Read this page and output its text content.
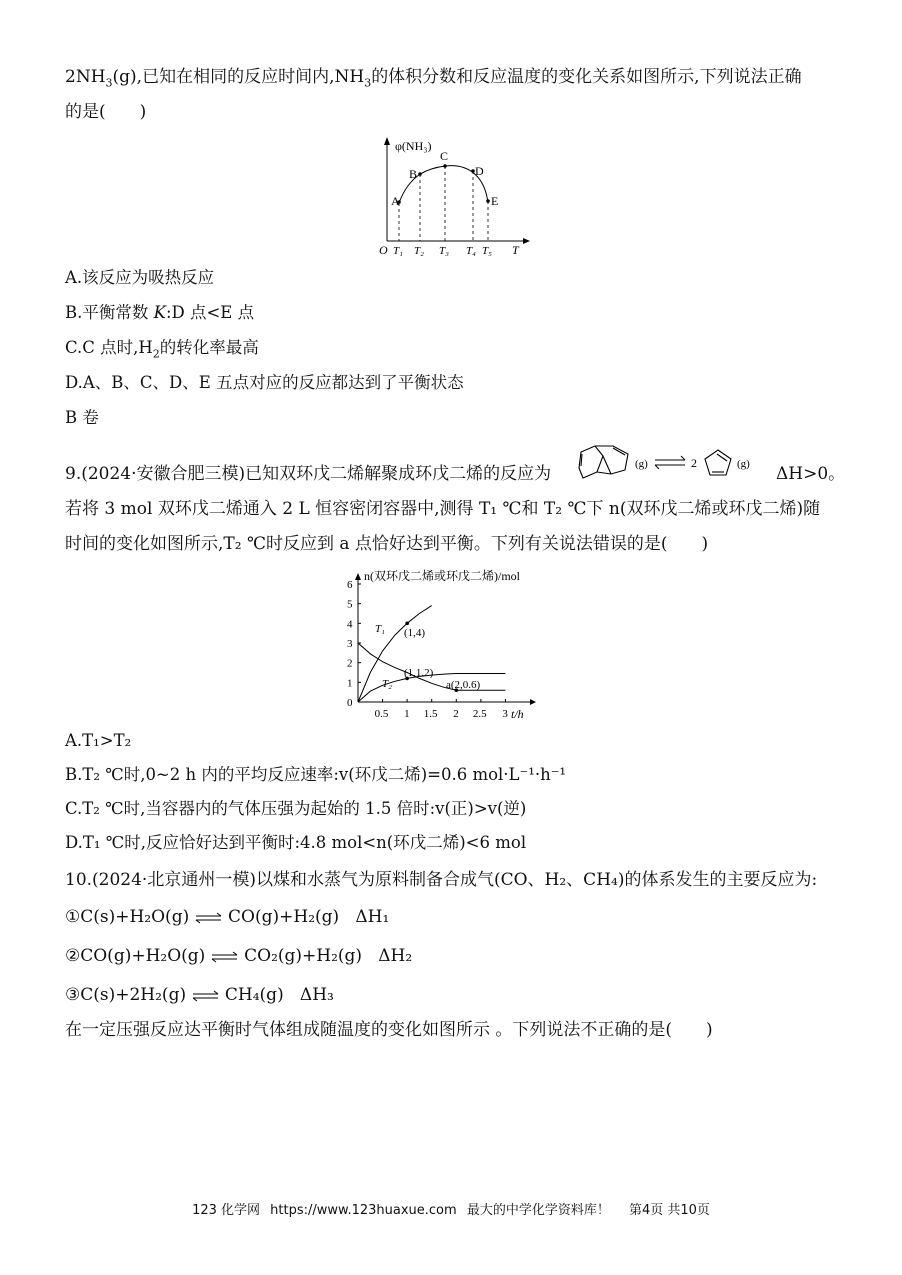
$2NH_3(g)$,已知在相同的反应时间内$,NH_3$的体积分数和反应温度的变化关系如图所示,下列说法正确
的是(　　)
φ(NH₃)
A
B
C
D
E
O T₁ T₂ T₃ T₄ T₅ T
A.该反应为吸热反应
B.平衡常数 K:D 点<E 点
C.C 点时$,H_2$的转化率最高
D.A、B、C、D、E 五点对应的反应都达到了平衡状态
B 卷
9.(2024·安徽合肥三模)已知双环戊二烯解聚成环戊二烯的反应为	(g)	2	(g) ΔH>0。
若将 3 mol 双环戊二烯通入 2 L 恒容密闭容器中,测得 T₁ ℃和 T₂ ℃下 n(双环戊二烯或环戊二烯)随
时间的变化如图所示,T₂ ℃时反应到 a 点恰好达到平衡。下列有关说法错误的是(　　)
0
1
2
3
4
5
6
0.5 1 1.5 2 2.5 3
n(双环戊二烯或环戊二烯)/mol
t/h
T₁ (1,4)
(1,1.2)
T₂	a(2,0.6)
A.T₁>T₂
B.T₂ ℃时,0~2 h 内的平均反应速率:v(环戊二烯)=0.6 mol·L⁻¹·h⁻¹
C.T₂ ℃时,当容器内的气体压强为起始的 1.5 倍时:v(正)>v(逆)
D.T₁ ℃时,反应恰好达到平衡时:4.8 mol<n(环戊二烯)<6 mol
10.(2024·北京通州一模)以煤和水蒸气为原料制备合成气(CO、H₂、CH₄)的体系发生的主要反应为:
①C(s)+H₂O(g) ⇌ CO(g)+H₂(g) ΔH₁
②CO(g)+H₂O(g) ⇌ CO₂(g)+H₂(g) ΔH₂
③C(s)+2H₂(g) ⇌ CH₄(g) ΔH₃
在一定压强反应达平衡时气体组成随温度的变化如图所示 。下列说法不正确的是(　　)
123 化学网 https://www.123huaxue.com 最大的中学化学资料库！ 第4页 共10页
